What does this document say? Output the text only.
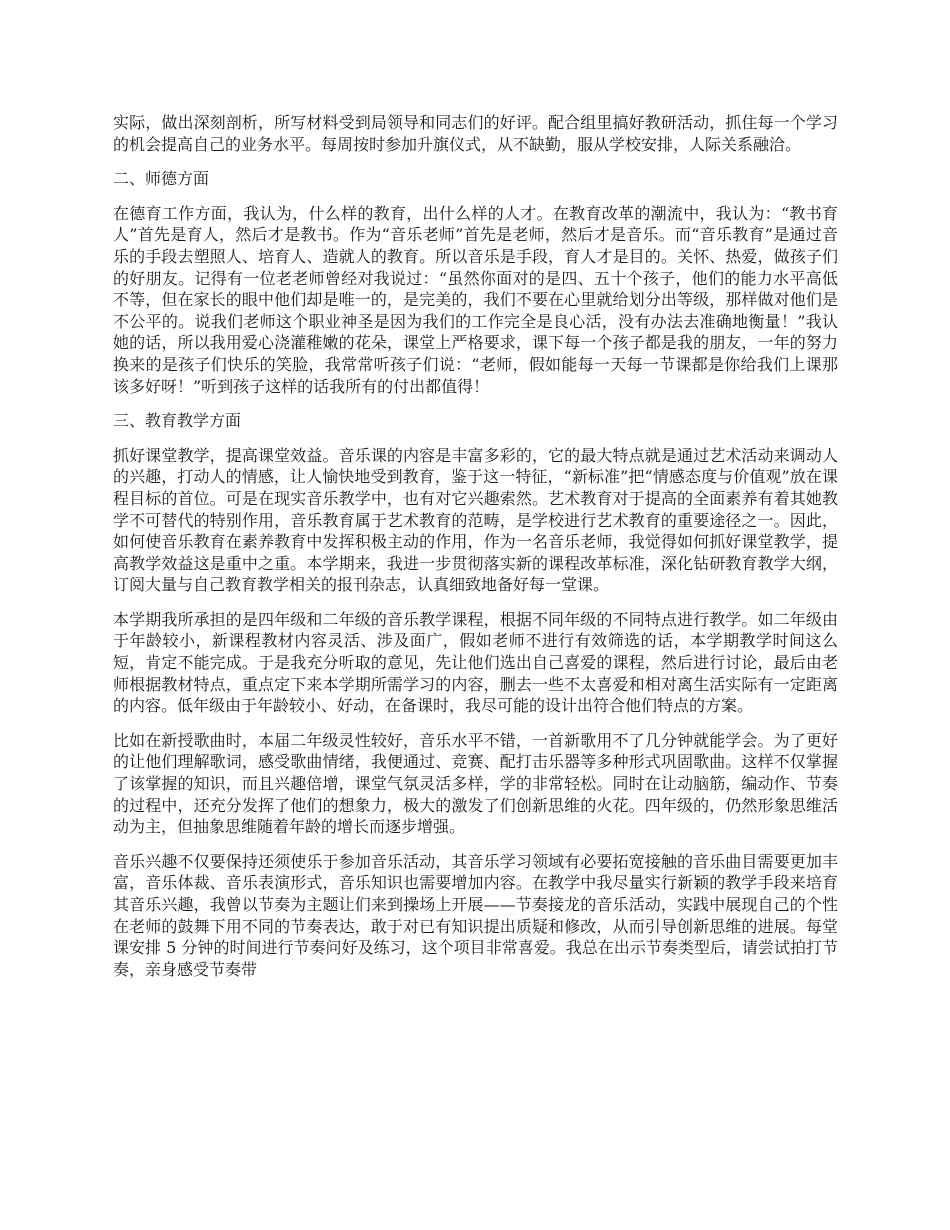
实际，做出深刻剖析，所写材料受到局领导和同志们的好评。配合组里搞好教研活动，抓住每一个学习的机会提高自己的业务水平。每周按时参加升旗仪式，从不缺勤，服从学校安排，人际关系融洽。

二、师德方面

在德育工作方面，我认为，什么样的教育，出什么样的人才。在教育改革的潮流中，我认为：“教书育人”首先是育人，然后才是教书。作为“音乐老师”首先是老师，然后才是音乐。而“音乐教育”是通过音乐的手段去塑照人、培育人、造就人的教育。所以音乐是手段，育人才是目的。关怀、热爱，做孩子们的好朋友。记得有一位老老师曾经对我说过：“虽然你面对的是四、五十个孩子，他们的能力水平高低不等，但在家长的眼中他们却是唯一的，是完美的，我们不要在心里就给划分出等级，那样做对他们是不公平的。说我们老师这个职业神圣是因为我们的工作完全是良心活，没有办法去准确地衡量！”我认她的话，所以我用爱心浇灌稚嫩的花朵，课堂上严格要求，课下每一个孩子都是我的朋友，一年的努力换来的是孩子们快乐的笑脸，我常常听孩子们说：“老师，假如能每一天每一节课都是你给我们上课那该多好呀！”听到孩子这样的话我所有的付出都值得！

三、教育教学方面

抓好课堂教学，提高课堂效益。音乐课的内容是丰富多彩的，它的最大特点就是通过艺术活动来调动人的兴趣，打动人的情感，让人愉快地受到教育，鉴于这一特征，“新标准”把“情感态度与价值观”放在课程目标的首位。可是在现实音乐教学中，也有对它兴趣索然。艺术教育对于提高的全面素养有着其她教学不可替代的特别作用，音乐教育属于艺术教育的范畴，是学校进行艺术教育的重要途径之一。因此，如何使音乐教育在素养教育中发挥积极主动的作用，作为一名音乐老师，我觉得如何抓好课堂教学，提高教学效益这是重中之重。本学期来，我进一步贯彻落实新的课程改革标准，深化钻研教育教学大纲，订阅大量与自己教育教学相关的报刊杂志，认真细致地备好每一堂课。

本学期我所承担的是四年级和二年级的音乐教学课程，根据不同年级的不同特点进行教学。如二年级由于年龄较小，新课程教材内容灵活、涉及面广，假如老师不进行有效筛选的话，本学期教学时间这么短，肯定不能完成。于是我充分听取的意见，先让他们选出自己喜爱的课程，然后进行讨论，最后由老师根据教材特点，重点定下来本学期所需学习的内容，删去一些不太喜爱和相对离生活实际有一定距离的内容。低年级由于年龄较小、好动，在备课时，我尽可能的设计出符合他们特点的方案。

比如在新授歌曲时，本届二年级灵性较好，音乐水平不错，一首新歌用不了几分钟就能学会。为了更好的让他们理解歌词，感受歌曲情绪，我便通过、竞赛、配打击乐器等多种形式巩固歌曲。这样不仅掌握了该掌握的知识，而且兴趣倍增，课堂气氛灵活多样，学的非常轻松。同时在让动脑筋，编动作、节奏的过程中，还充分发挥了他们的想象力，极大的激发了们创新思维的火花。四年级的，仍然形象思维活动为主，但抽象思维随着年龄的增长而逐步增强。

音乐兴趣不仅要保持还须使乐于参加音乐活动，其音乐学习领域有必要拓宽接触的音乐曲目需要更加丰富，音乐体裁、音乐表演形式，音乐知识也需要增加内容。在教学中我尽量实行新颖的教学手段来培育其音乐兴趣，我曾以节奏为主题让们来到操场上开展——节奏接龙的音乐活动，实践中展现自己的个性在老师的鼓舞下用不同的节奏表达，敢于对已有知识提出质疑和修改，从而引导创新思维的进展。每堂课安排 5 分钟的时间进行节奏问好及练习，这个项目非常喜爱。我总在出示节奏类型后，请尝试拍打节奏，亲身感受节奏带
